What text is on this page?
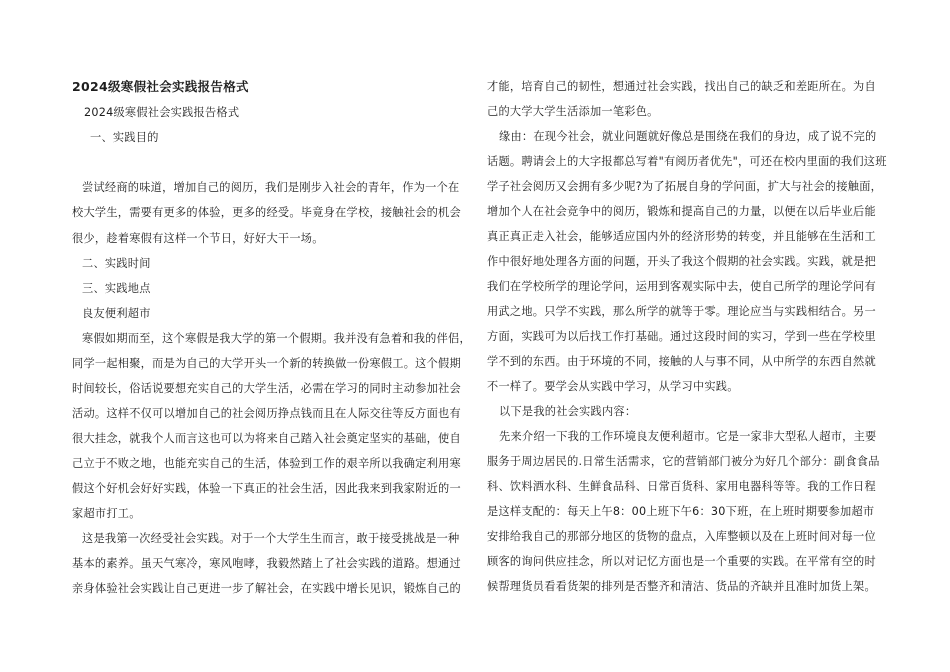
2024级寒假社会实践报告格式
2024级寒假社会实践报告格式
一、实践目的
尝试经商的味道，增加自己的阅历，我们是刚步入社会的青年，作为一个在
校大学生，需要有更多的体验，更多的经受。毕竟身在学校，接触社会的机会
很少，趁着寒假有这样一个节日，好好大干一场。
二、实践时间
三、实践地点
良友便利超市
寒假如期而至，这个寒假是我大学的第一个假期。我并没有急着和我的伴侣，
同学一起相聚，而是为自己的大学开头一个新的转换做一份寒假工。这个假期
时间较长，俗话说要想充实自己的大学生活，必需在学习的同时主动参加社会
活动。这样不仅可以增加自己的社会阅历挣点钱而且在人际交往等反方面也有
很大挂念，就我个人而言这也可以为将来自己踏入社会奠定坚实的基础，使自
己立于不败之地，也能充实自己的生活，体验到工作的艰辛所以我确定利用寒
假这个好机会好好实践，体验一下真正的社会生活，因此我来到我家附近的一
家超市打工。
这是我第一次经受社会实践。对于一个大学生生而言，敢于接受挑战是一种
基本的素养。虽天气寒冷，寒风咆哮，我毅然踏上了社会实践的道路。想通过
亲身体验社会实践让自己更进一步了解社会，在实践中增长见识，锻炼自己的
才能，培育自己的韧性，想通过社会实践，找出自己的缺乏和差距所在。为自
己的大学大学生活添加一笔彩色。
缘由：在现今社会，就业问题就好像总是围绕在我们的身边，成了说不完的
话题。聘请会上的大字报都总写着"有阅历者优先"，可还在校内里面的我们这班
学子社会阅历又会拥有多少呢?为了拓展自身的学问面，扩大与社会的接触面，
增加个人在社会竞争中的阅历，锻炼和提高自己的力量，以便在以后毕业后能
真正真正走入社会，能够适应国内外的经济形势的转变，并且能够在生活和工
作中很好地处理各方面的问题，开头了我这个假期的社会实践。实践，就是把
我们在学校所学的理论学问，运用到客观实际中去，使自己所学的理论学问有
用武之地。只学不实践，那么所学的就等于零。理论应当与实践相结合。另一
方面，实践可为以后找工作打基础。通过这段时间的实习，学到一些在学校里
学不到的东西。由于环境的不同，接触的人与事不同，从中所学的东西自然就
不一样了。要学会从实践中学习，从学习中实践。
以下是我的社会实践内容：
先来介绍一下我的工作环境良友便利超市。它是一家非大型私人超市，主要
服务于周边居民的.日常生活需求，它的营销部门被分为好几个部分：副食食品
科、饮料酒水科、生鲜食品科、日常百货科、家用电器科等等。我的工作日程
是这样支配的：每天上午8：00上班下午6：30下班，在上班时期要参加超市
安排给我自己的那部分地区的货物的盘点，入库整顿以及在上班时间对每一位
顾客的询问供应挂念，所以对记忆方面也是一个重要的实践。在平常有空的时
候帮理货员看看货架的排列是否整齐和清洁、货品的齐缺并且准时加货上架。
